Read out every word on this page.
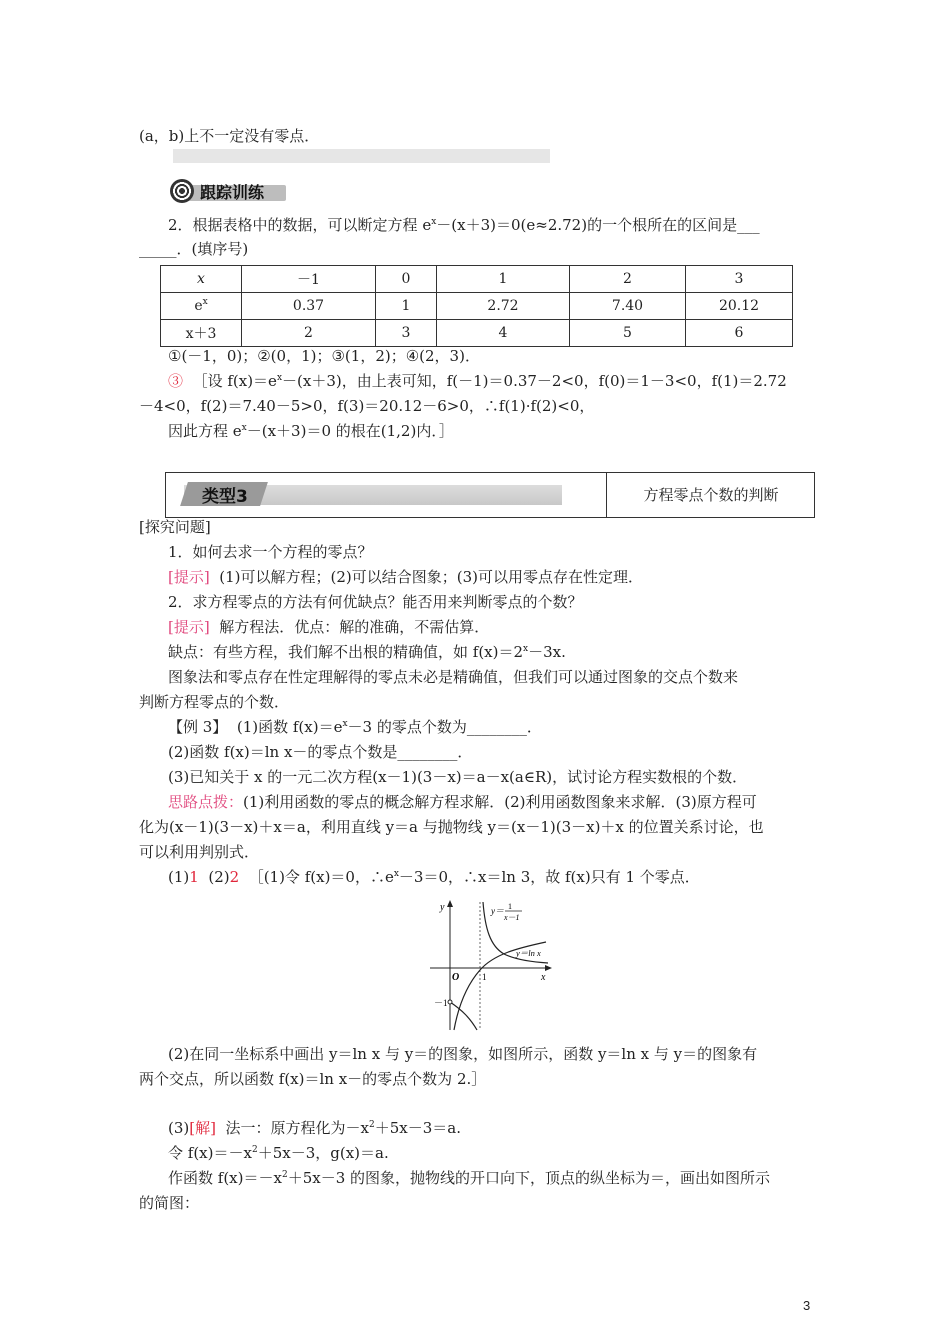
(a，b)上不一定没有零点．
跟踪训练
2．根据表格中的数据，可以断定方程 $e^x-(x+3)=0(e\approx 2.72)$的一个根所在的区间是___
_____．(填序号)
x	－1	0	1	2	3
$e^x$	0.37	1	2.72	7.40	20.12
x＋3	2	3	4	5	6
①(－1，0)；②(0，1)；③(1，2)；④(2，3)．
③ ［设 $f(x)=e^x-(x+3)$，由上表可知，f(－1)＝0.37－2<0，f(0)＝1－3<0，f(1)＝2.72
－4<0，f(2)＝7.40－5>0，f(3)＝20.12－6>0，∴f(1)·f(2)<0，
因此方程 $e^x-(x+3)=0$ 的根在(1,2)内．］
类型3	方程零点个数的判断
[探究问题]
1．如何去求一个方程的零点？
[提示] (1)可以解方程；(2)可以结合图象；(3)可以用零点存在性定理．
2．求方程零点的方法有何优缺点？能否用来判断零点的个数？
[提示] 解方程法．优点：解的准确，不需估算．
缺点：有些方程，我们解不出根的精确值，如 $f(x)=2^x-3x$.
图象法和零点存在性定理解得的零点未必是精确值，但我们可以通过图象的交点个数来
判断方程零点的个数．
【例 3】 (1)函数 $f(x)=e^x-3$ 的零点个数为________．
(2)函数 f(x)＝ln x－的零点个数是________．
(3)已知关于 x 的一元二次方程(x－1)(3－x)＝a－x(a∈R)，试讨论方程实数根的个数．
思路点拨：(1)利用函数的零点的概念解方程求解．(2)利用函数图象来求解．(3)原方程可
化为(x－1)(3－x)＋x＝a，利用直线 y＝a 与抛物线 y＝(x－1)(3－x)＋x 的位置关系讨论，也
可以利用判别式．
(1)1 (2)2 ［(1)令 f(x)＝0，$\therefore e^x-3=0$，∴x＝ln 3，故 f(x)只有 1 个零点．
y
x
O	1
－1
y＝ 1
x－1
y＝ln x
(2)在同一坐标系中画出 y＝ln x 与 y＝的图象，如图所示，函数 y＝ln x 与 y＝的图象有
两个交点，所以函数 f(x)＝ln x－的零点个数为 2.］
(3)[解] 法一：原方程化为$-x^2+5x-3=a$.
令 $f(x)=-x^2+5x-3$，g(x)＝a.
作函数 $f(x)=-x^2+5x-3$ 的图象，抛物线的开口向下，顶点的纵坐标为＝，画出如图所示
的简图：
3
